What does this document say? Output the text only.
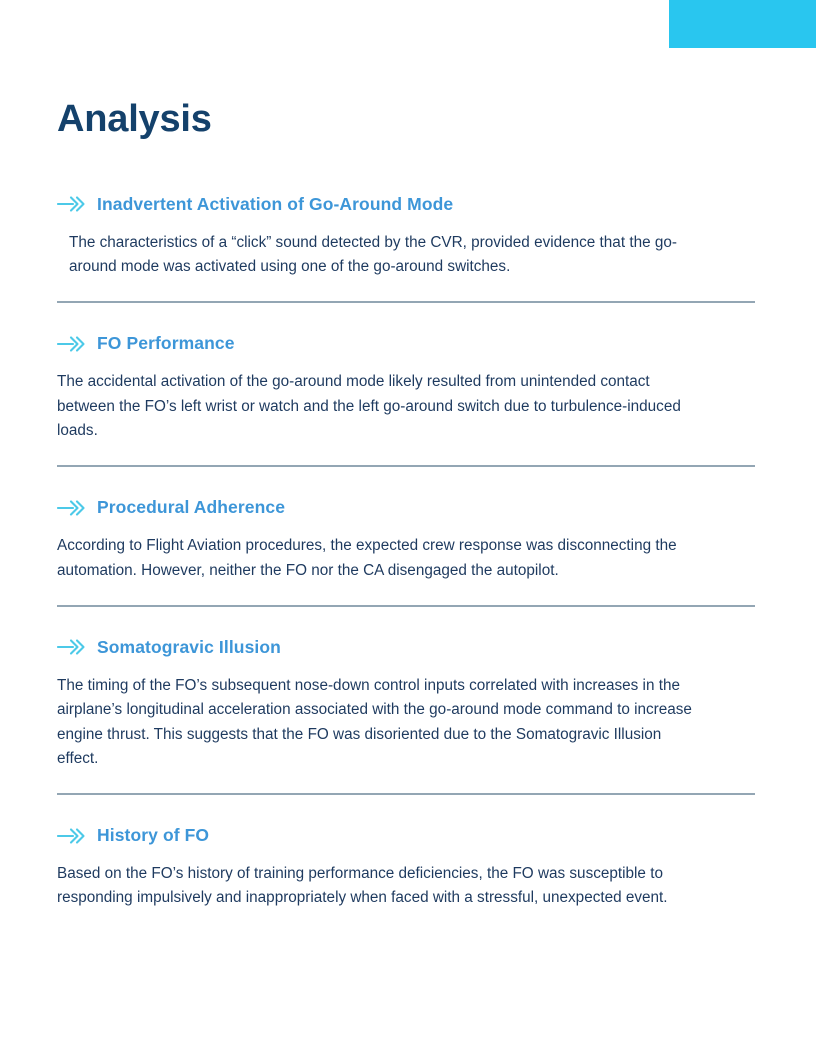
Analysis
Inadvertent Activation of Go-Around Mode

The characteristics of a “click” sound detected by the CVR, provided evidence that the go-around mode was activated using one of the go-around switches.

FO Performance

The accidental activation of the go-around mode likely resulted from unintended contact between the FO’s left wrist or watch and the left go-around switch due to turbulence-induced loads.

Procedural Adherence

According to Flight Aviation procedures, the expected crew response was disconnecting the automation. However, neither the FO nor the CA disengaged the autopilot.

Somatogravic Illusion

The timing of the FO’s subsequent nose-down control inputs correlated with increases in the airplane’s longitudinal acceleration associated with the go-around mode command to increase engine thrust. This suggests that the FO was disoriented due to the Somatogravic Illusion effect.

History of FO

Based on the FO’s history of training performance deficiencies, the FO was susceptible to responding impulsively and inappropriately when faced with a stressful, unexpected event.
